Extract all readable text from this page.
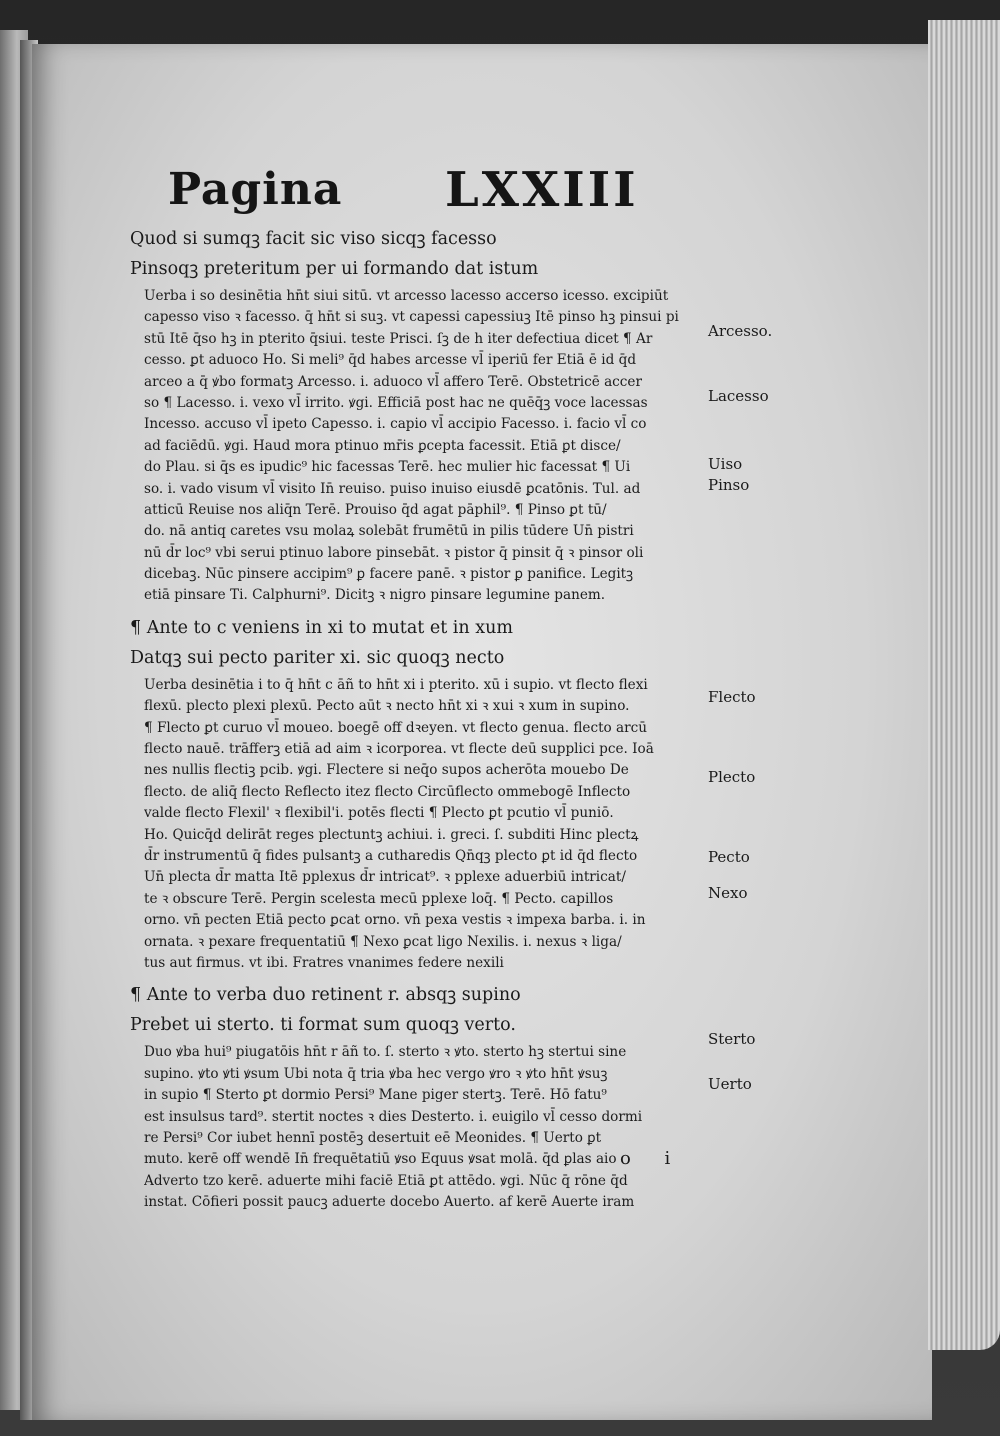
Pagina LXXIII
Quod si sumqꝫ facit sic viso sicqꝫ facesso
Pinsoqꝫ preteritum per ui formando dat istum
Uerba i so desinētia hn̄t siui sitū. vt arcesso lacesso accerso icesso. excipiūt
capesso viso ꝛ facesso. q̄ hn̄t si suꝫ. vt capessi capessiuꝫ Itē pinso hꝫ pinsui pi
stū Itē q̄so hꝫ in pterito q̄siui. teste Prisci. ſꝫ de h iter defectiua dicet ¶ Ar
cesso. ꝑt aduoco Ho. Si meli⁹ q̄d habes arcesse vl̄ iperiū fer Etiā ē id q̄d
arceo a q̄ ꝟbo formatꝫ Arcesso. i. aduoco vl̄ affero Terē. Obstetricē accer
so ¶ Lacesso. i. vexo vl̄ irrito. ꝟgi. Efficiā post hac ne quēq̄ꝫ voce lacessas
Incesso. accuso vl̄ ipeto Capesso. i. capio vl̄ accipio Facesso. i. facio vl̄ co
ad faciēdū. ꝟgi. Haud mora ptinuo mr̄is ꝑcepta facessit. Etiā ꝑt disce/
do Plau. si q̄s es ipudic⁹ hic facessas Terē. hec mulier hic facessat ¶ Ui
so. i. vado visum vl̄ visito In̄ reuiso. puiso inuiso eiusdē ꝑcatōnis. Tul. ad
atticū Reuise nos aliq̄n Terē. Prouiso q̄d agat pāphil⁹. ¶ Pinso ꝑt tū/
do. nā antiq caretes vsu molaꝝ solebāt frumētū in pilis tūdere Un̄ pistri
nū d̄r loc⁹ vbi serui ptinuo labore pinsebāt. ꝛ pistor q̄ pinsit q̄ ꝛ pinsor oli
dicebaꝫ. Nūc pinsere accipim⁹ ꝑ facere panē. ꝛ pistor ꝑ panifice. Legitꝫ
etiā pinsare Ti. Calphurni⁹. Dicitꝫ ꝛ nigro pinsare legumine panem.
¶ Ante to c veniens in xi to mutat et in xum
Datqꝫ sui pecto pariter xi. sic quoqꝫ necto
Uerba desinētia i to q̄ hn̄t c āñ to hn̄t xi i pterito. xū i supio. vt flecto flexi
flexū. plecto plexi plexū. Pecto aūt ꝛ necto hn̄t xi ꝛ xui ꝛ xum in supino.
¶ Flecto ꝑt curuo vl̄ moueo. boegē off dꝛeyen. vt flecto genua. flecto arcū
flecto nauē. trāfferꝫ etiā ad aim ꝛ icorporea. vt flecte deū supplici pce. Ioā
nes nullis flectiꝫ pcib. ꝟgi. Flectere si neq̄o supos acherōta mouebo De
flecto. de aliq̄ flecto Reflecto itez flecto Circūflecto ommebogē Inflecto
valde flecto Flexil' ꝛ flexibil'i. potēs flecti ¶ Plecto ꝑt pcutio vl̄ puniō.
Ho. Quicq̄d delirāt reges plectuntꝫ achiui. i. greci. ſ. subditi Hinc plectꝝ
d̄r instrumentū q̄ fides pulsantꝫ a cutharedis Qn̄qꝫ plecto ꝑt id q̄d flecto
Un̄ plecta d̄r matta Itē pplexus d̄r intricat⁹. ꝛ pplexe aduerbiū intricat/
te ꝛ obscure Terē. Pergin scelesta mecū pplexe loq̄. ¶ Pecto. capillos
orno. vn̄ pecten Etiā pecto ꝑcat orno. vn̄ pexa vestis ꝛ impexa barba. i. in
ornata. ꝛ pexare frequentatiū ¶ Nexo ꝑcat ligo Nexilis. i. nexus ꝛ liga/
tus aut firmus. vt ibi. Fratres vnanimes federe nexili
¶ Ante to verba duo retinent r. absqꝫ supino
Prebet ui sterto. ti format sum quoqꝫ verto.
Duo ꝟba hui⁹ piugatōis hn̄t r āñ to. ſ. sterto ꝛ ꝟto. sterto hꝫ stertui sine
supino. ꝟto ꝟti ꝟsum Ubi nota q̄ tria ꝟba hec vergo ꝟro ꝛ ꝟto hn̄t ꝟsuꝫ
in supio ¶ Sterto ꝑt dormio Persi⁹ Mane piger stertꝫ. Terē. Hō fatu⁹
est insulsus tard⁹. stertit noctes ꝛ dies Desterto. i. euigilo vl̄ cesso dormi
re Persi⁹ Cor iubet hennī postēꝫ desertuit eē Meonides. ¶ Uerto ꝑt
muto. kerē off wendē In̄ frequētatiū ꝟso Equus ꝟsat molā. q̄d ꝑlas aio
Adverto tzo kerē. aduerte mihi faciē Etiā ꝑt attēdo. ꝟgi. Nūc q̄ rōne q̄d
instat. Cōfieri possit paucꝫ aduerte docebo Auerto. af kerē Auerte iram
Arcesso.
Lacesso
Uiso
Pinso
Flecto
Plecto
Pecto
Nexo
Sterto
Uerto
o i
